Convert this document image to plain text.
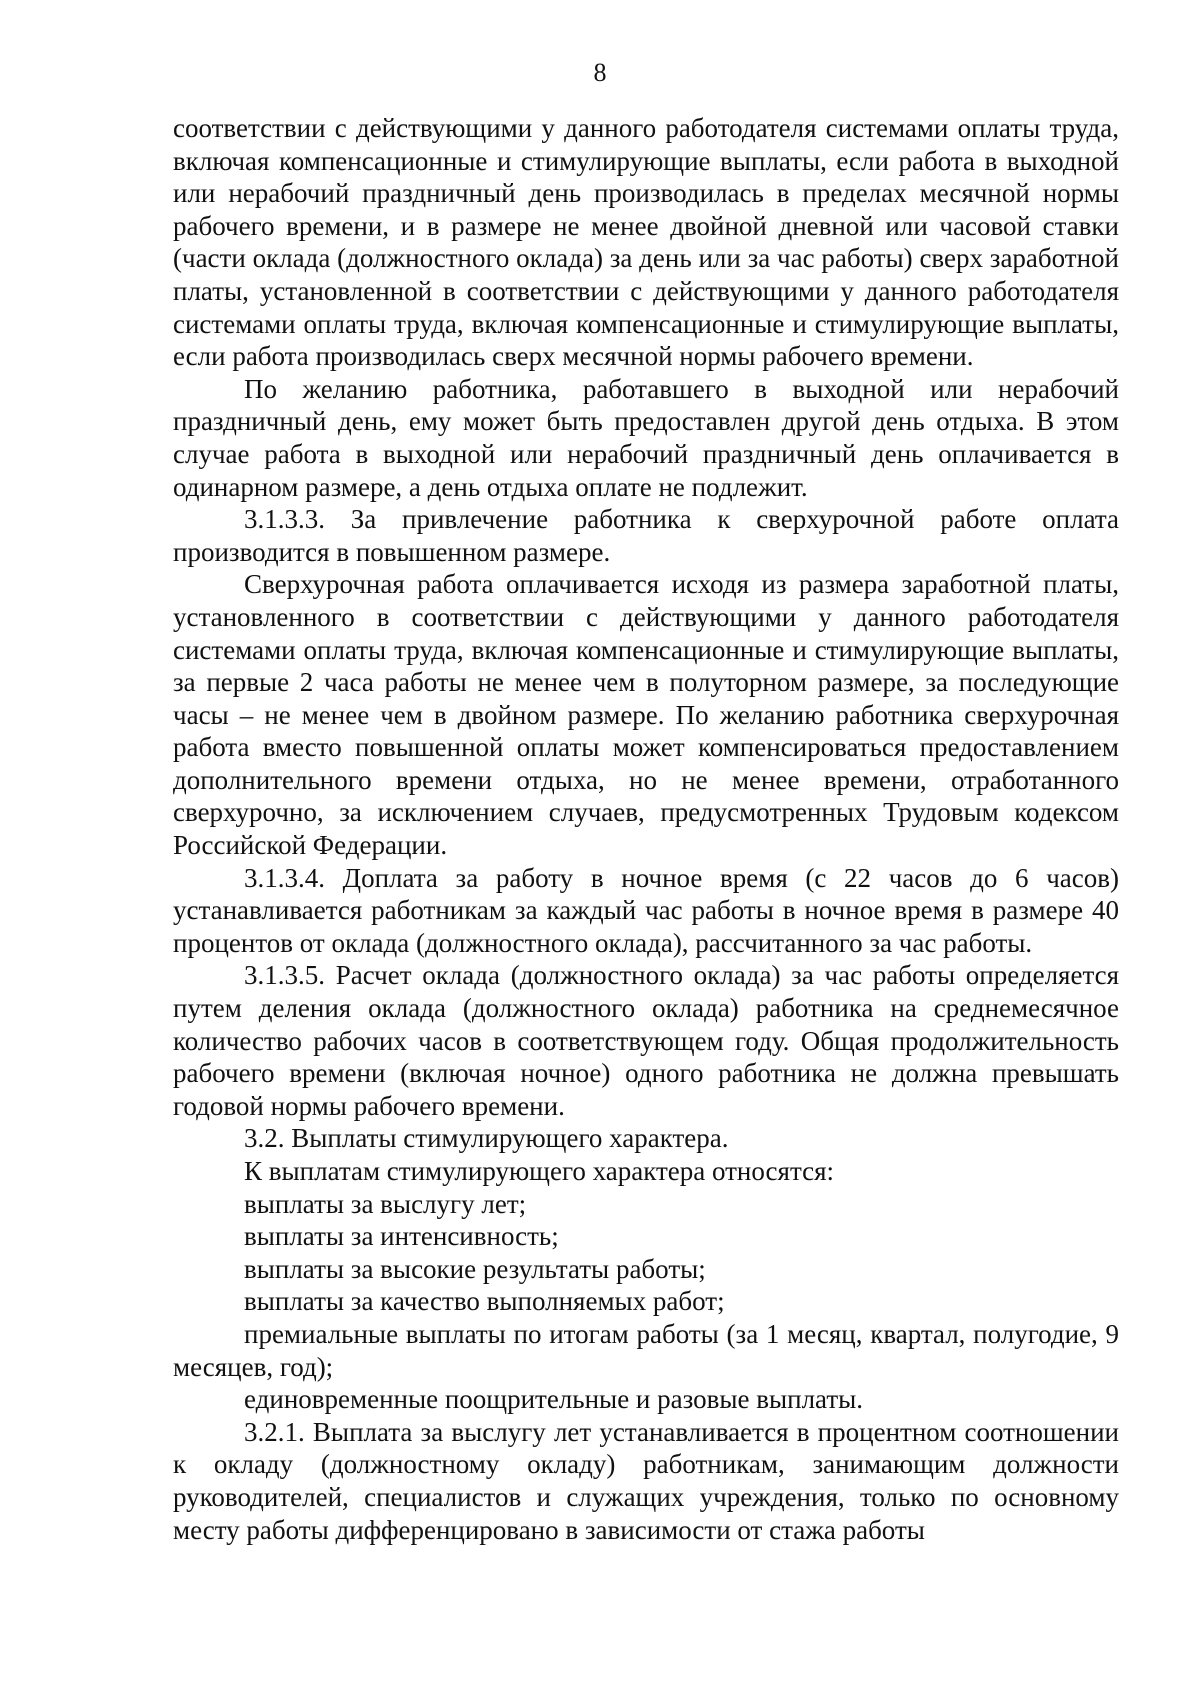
8

соответствии с действующими у данного работодателя системами оплаты труда, включая компенсационные и стимулирующие выплаты, если работа в выходной или нерабочий праздничный день производилась в пределах месячной нормы рабочего времени, и в размере не менее двойной дневной или часовой ставки (части оклада (должностного оклада) за день или за час работы) сверх заработной платы, установленной в соответствии с действующими у данного работодателя системами оплаты труда, включая компенсационные и стимулирующие выплаты, если работа производилась сверх месячной нормы рабочего времени.

По желанию работника, работавшего в выходной или нерабочий праздничный день, ему может быть предоставлен другой день отдыха. В этом случае работа в выходной или нерабочий праздничный день оплачивается в одинарном размере, а день отдыха оплате не подлежит.

3.1.3.3. За привлечение работника к сверхурочной работе оплата производится в повышенном размере.

Сверхурочная работа оплачивается исходя из размера заработной платы, установленного в соответствии с действующими у данного работодателя системами оплаты труда, включая компенсационные и стимулирующие выплаты, за первые 2 часа работы не менее чем в полуторном размере, за последующие часы – не менее чем в двойном размере. По желанию работника сверхурочная работа вместо повышенной оплаты может компенсироваться предоставлением дополнительного времени отдыха, но не менее времени, отработанного сверхурочно, за исключением случаев, предусмотренных Трудовым кодексом Российской Федерации.

3.1.3.4. Доплата за работу в ночное время (с 22 часов до 6 часов) устанавливается работникам за каждый час работы в ночное время в размере 40 процентов от оклада (должностного оклада), рассчитанного за час работы.

3.1.3.5. Расчет оклада (должностного оклада) за час работы определяется путем деления оклада (должностного оклада) работника на среднемесячное количество рабочих часов в соответствующем году. Общая продолжительность рабочего времени (включая ночное) одного работника не должна превышать годовой нормы рабочего времени.

3.2. Выплаты стимулирующего характера.

К выплатам стимулирующего характера относятся:

выплаты за выслугу лет;

выплаты за интенсивность;

выплаты за высокие результаты работы;

выплаты за качество выполняемых работ;

премиальные выплаты по итогам работы (за 1 месяц, квартал, полугодие, 9 месяцев, год);

единовременные поощрительные и разовые выплаты.

3.2.1. Выплата за выслугу лет устанавливается в процентном соотношении к окладу (должностному окладу) работникам, занимающим должности руководителей, специалистов и служащих учреждения, только по основному месту работы дифференцировано в зависимости от стажа работы
